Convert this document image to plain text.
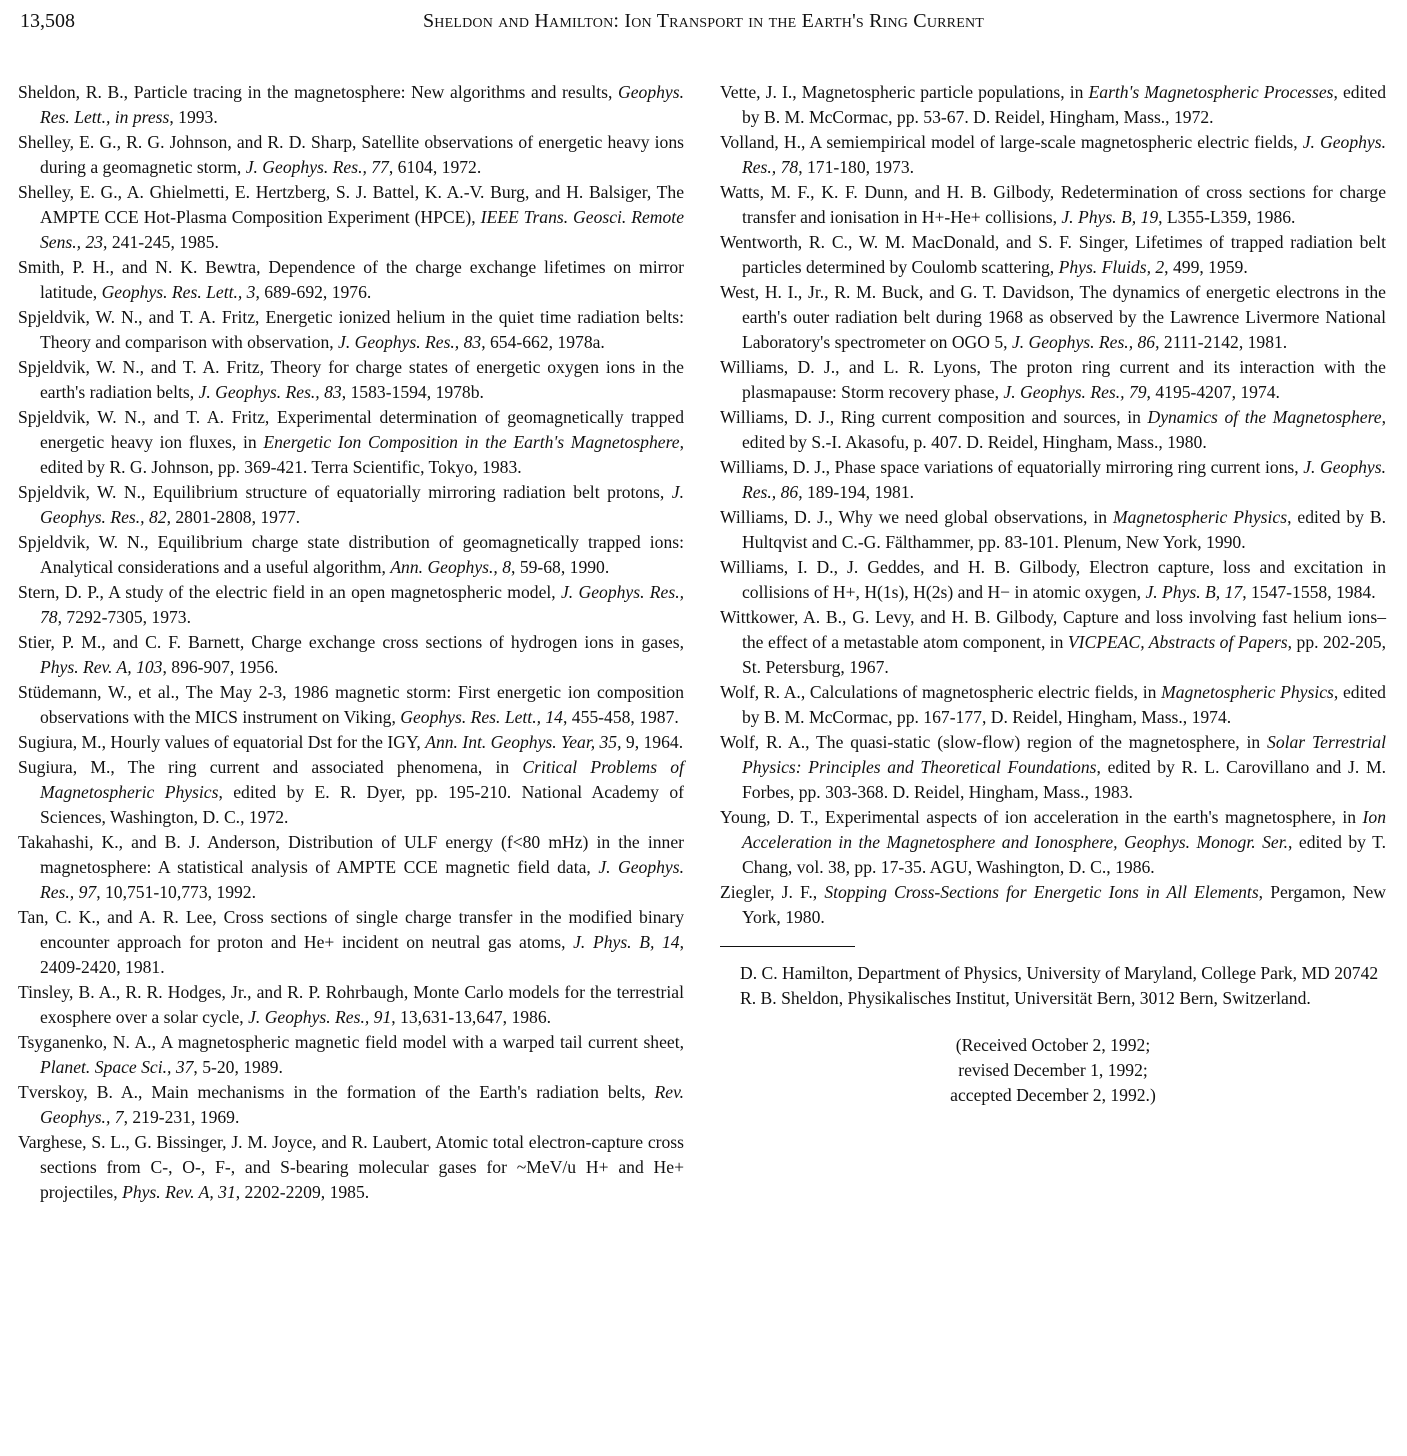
13,508	Sheldon and Hamilton: Ion Transport in the Earth's Ring Current

Sheldon, R. B., Particle tracing in the magnetosphere: New algorithms and results, Geophys. Res. Lett., in press, 1993.

Shelley, E. G., R. G. Johnson, and R. D. Sharp, Satellite observations of energetic heavy ions during a geomagnetic storm, J. Geophys. Res., 77, 6104, 1972.

Shelley, E. G., A. Ghielmetti, E. Hertzberg, S. J. Battel, K. A.-V. Burg, and H. Balsiger, The AMPTE CCE Hot-Plasma Composition Experiment (HPCE), IEEE Trans. Geosci. Remote Sens., 23, 241-245, 1985.

Smith, P. H., and N. K. Bewtra, Dependence of the charge exchange lifetimes on mirror latitude, Geophys. Res. Lett., 3, 689-692, 1976.

Spjeldvik, W. N., and T. A. Fritz, Energetic ionized helium in the quiet time radiation belts: Theory and comparison with observation, J. Geophys. Res., 83, 654-662, 1978a.

Spjeldvik, W. N., and T. A. Fritz, Theory for charge states of energetic oxygen ions in the earth's radiation belts, J. Geophys. Res., 83, 1583-1594, 1978b.

Spjeldvik, W. N., and T. A. Fritz, Experimental determination of geomagnetically trapped energetic heavy ion fluxes, in Energetic Ion Composition in the Earth's Magnetosphere, edited by R. G. Johnson, pp. 369-421. Terra Scientific, Tokyo, 1983.

Spjeldvik, W. N., Equilibrium structure of equatorially mirroring radiation belt protons, J. Geophys. Res., 82, 2801-2808, 1977.

Spjeldvik, W. N., Equilibrium charge state distribution of geomagnetically trapped ions: Analytical considerations and a useful algorithm, Ann. Geophys., 8, 59-68, 1990.

Stern, D. P., A study of the electric field in an open magnetospheric model, J. Geophys. Res., 78, 7292-7305, 1973.

Stier, P. M., and C. F. Barnett, Charge exchange cross sections of hydrogen ions in gases, Phys. Rev. A, 103, 896-907, 1956.

Stüdemann, W., et al., The May 2-3, 1986 magnetic storm: First energetic ion composition observations with the MICS instrument on Viking, Geophys. Res. Lett., 14, 455-458, 1987.

Sugiura, M., Hourly values of equatorial Dst for the IGY, Ann. Int. Geophys. Year, 35, 9, 1964.

Sugiura, M., The ring current and associated phenomena, in Critical Problems of Magnetospheric Physics, edited by E. R. Dyer, pp. 195-210. National Academy of Sciences, Washington, D. C., 1972.

Takahashi, K., and B. J. Anderson, Distribution of ULF energy (f<80 mHz) in the inner magnetosphere: A statistical analysis of AMPTE CCE magnetic field data, J. Geophys. Res., 97, 10,751-10,773, 1992.

Tan, C. K., and A. R. Lee, Cross sections of single charge transfer in the modified binary encounter approach for proton and He+ incident on neutral gas atoms, J. Phys. B, 14, 2409-2420, 1981.

Tinsley, B. A., R. R. Hodges, Jr., and R. P. Rohrbaugh, Monte Carlo models for the terrestrial exosphere over a solar cycle, J. Geophys. Res., 91, 13,631-13,647, 1986.

Tsyganenko, N. A., A magnetospheric magnetic field model with a warped tail current sheet, Planet. Space Sci., 37, 5-20, 1989.

Tverskoy, B. A., Main mechanisms in the formation of the Earth's radiation belts, Rev. Geophys., 7, 219-231, 1969.

Varghese, S. L., G. Bissinger, J. M. Joyce, and R. Laubert, Atomic total electron-capture cross sections from C-, O-, F-, and S-bearing molecular gases for ~MeV/u H+ and He+ projectiles, Phys. Rev. A, 31, 2202-2209, 1985.

Vette, J. I., Magnetospheric particle populations, in Earth's Magnetospheric Processes, edited by B. M. McCormac, pp. 53-67. D. Reidel, Hingham, Mass., 1972.

Volland, H., A semiempirical model of large-scale magnetospheric electric fields, J. Geophys. Res., 78, 171-180, 1973.

Watts, M. F., K. F. Dunn, and H. B. Gilbody, Redetermination of cross sections for charge transfer and ionisation in H+-He+ collisions, J. Phys. B, 19, L355-L359, 1986.

Wentworth, R. C., W. M. MacDonald, and S. F. Singer, Lifetimes of trapped radiation belt particles determined by Coulomb scattering, Phys. Fluids, 2, 499, 1959.

West, H. I., Jr., R. M. Buck, and G. T. Davidson, The dynamics of energetic electrons in the earth's outer radiation belt during 1968 as observed by the Lawrence Livermore National Laboratory's spectrometer on OGO 5, J. Geophys. Res., 86, 2111-2142, 1981.

Williams, D. J., and L. R. Lyons, The proton ring current and its interaction with the plasmapause: Storm recovery phase, J. Geophys. Res., 79, 4195-4207, 1974.

Williams, D. J., Ring current composition and sources, in Dynamics of the Magnetosphere, edited by S.-I. Akasofu, p. 407. D. Reidel, Hingham, Mass., 1980.

Williams, D. J., Phase space variations of equatorially mirroring ring current ions, J. Geophys. Res., 86, 189-194, 1981.

Williams, D. J., Why we need global observations, in Magnetospheric Physics, edited by B. Hultqvist and C.-G. Fälthammer, pp. 83-101. Plenum, New York, 1990.

Williams, I. D., J. Geddes, and H. B. Gilbody, Electron capture, loss and excitation in collisions of H+, H(1s), H(2s) and H− in atomic oxygen, J. Phys. B, 17, 1547-1558, 1984.

Wittkower, A. B., G. Levy, and H. B. Gilbody, Capture and loss involving fast helium ions–the effect of a metastable atom component, in VICPEAC, Abstracts of Papers, pp. 202-205, St. Petersburg, 1967.

Wolf, R. A., Calculations of magnetospheric electric fields, in Magnetospheric Physics, edited by B. M. McCormac, pp. 167-177, D. Reidel, Hingham, Mass., 1974.

Wolf, R. A., The quasi-static (slow-flow) region of the magnetosphere, in Solar Terrestrial Physics: Principles and Theoretical Foundations, edited by R. L. Carovillano and J. M. Forbes, pp. 303-368. D. Reidel, Hingham, Mass., 1983.

Young, D. T., Experimental aspects of ion acceleration in the earth's magnetosphere, in Ion Acceleration in the Magnetosphere and Ionosphere, Geophys. Monogr. Ser., edited by T. Chang, vol. 38, pp. 17-35. AGU, Washington, D. C., 1986.

Ziegler, J. F., Stopping Cross-Sections for Energetic Ions in All Elements, Pergamon, New York, 1980.

D. C. Hamilton, Department of Physics, University of Maryland, College Park, MD 20742

R. B. Sheldon, Physikalisches Institut, Universität Bern, 3012 Bern, Switzerland.

(Received October 2, 1992;
revised December 1, 1992;
accepted December 2, 1992.)
